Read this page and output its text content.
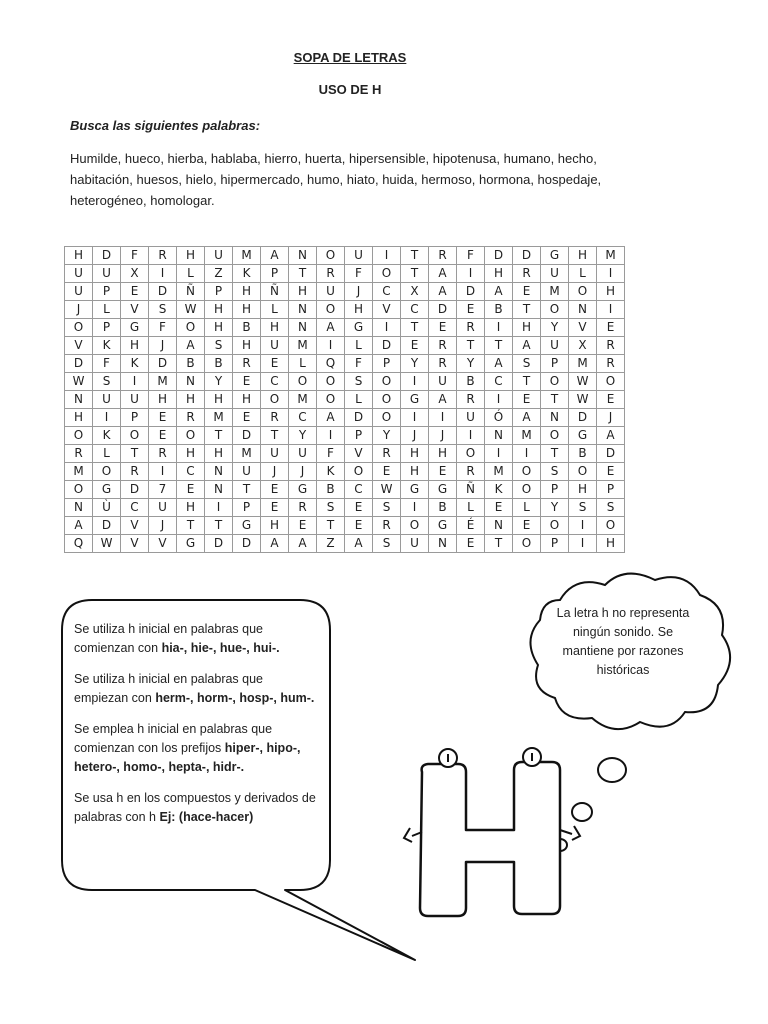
SOPA DE LETRAS
USO DE H
Busca las siguientes palabras:
Humilde, hueco, hierba, hablaba, hierro, huerta, hipersensible, hipotenusa, humano, hecho, habitación, huesos, hielo, hipermercado, humo, hiato, huida, hermoso, hormona, hospedaje, heterogéneo, homologar.
H	D	F	R	H	U	M	A	N	O	U	I	T	R	F	D	D	G	H	M
U	U	X	I	L	Z	K	P	T	R	F	O	T	A	I	H	R	U	L	I
U	P	E	D	Ñ	P	H	Ñ	H	U	J	C	X	A	D	A	E	M	O	H
J	L	V	S	W	H	H	L	N	O	H	V	C	D	E	B	T	O	N	I
O	P	G	F	O	H	B	H	N	A	G	I	T	E	R	I	H	Y	V	E
V	K	H	J	A	S	H	U	M	I	L	D	E	R	T	T	A	U	X	R
D	F	K	D	B	B	R	E	L	Q	F	P	Y	R	Y	A	S	P	M	R
W	S	I	M	N	Y	E	C	O	O	S	O	I	U	B	C	T	O	W	O
N	U	U	H	H	H	H	O	M	O	L	O	G	A	R	I	E	T	W	E
H	I	P	E	R	M	E	R	C	A	D	O	I	I	U	Ó	A	N	D	J
O	K	O	E	O	T	D	T	Y	I	P	Y	J	J	I	N	M	O	G	A
R	L	T	R	H	H	M	U	U	F	V	R	H	H	O	I	I	T	B	D
M	O	R	I	C	N	U	J	J	K	O	E	H	E	R	M	O	S	O	E
O	G	D	7	E	N	T	E	G	B	C	W	G	G	Ñ	K	O	P	H	P
N	Ù	C	U	H	I	P	E	R	S	E	S	I	B	L	E	L	Y	S	S
A	D	V	J	T	T	G	H	E	T	E	R	O	G	É	N	E	O	I	O
Q	W	V	V	G	D	D	A	A	Z	A	S	U	N	E	T	O	P	I	H

Se utiliza h inicial en palabras que comienzan con hia-, hie-, hue-, hui-.

Se utiliza h inicial en palabras que empiezan con herm-, horm-, hosp-, hum-.

Se emplea h inicial en palabras que comienzan con los prefijos hiper-, hipo-, hetero-, homo-, hepta-, hidr-.

Se usa h en los compuestos y derivados de palabras con h Ej: (hace-hacer)

La letra h no representa ningún sonido. Se mantiene por razones históricas
